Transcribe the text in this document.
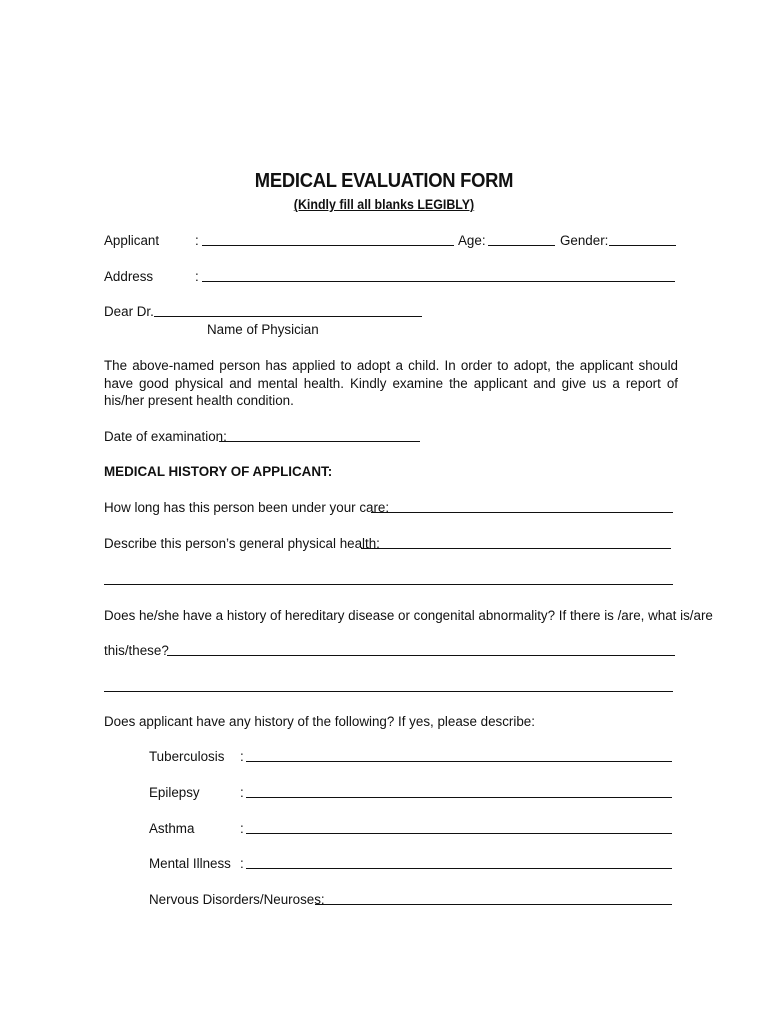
MEDICAL EVALUATION FORM
(Kindly fill all blanks LEGIBLY)
Applicant	:	Age:	Gender:
Address	:
Dear Dr.
Name of Physician
The above-named person has applied to adopt a child. In order to adopt, the applicant should have good physical and mental health. Kindly examine the applicant and give us a report of his/her present health condition.
Date of examination:
MEDICAL HISTORY OF APPLICANT:
How long has this person been under your care:
Describe this person’s general physical health:
Does he/she have a history of hereditary disease or congenital abnormality? If there is /are, what is/are
this/these?
Does applicant have any history of the following? If yes, please describe:
Tuberculosis :
Epilepsy	:
Asthma	:
Mental Illness :
Nervous Disorders/Neuroses:
